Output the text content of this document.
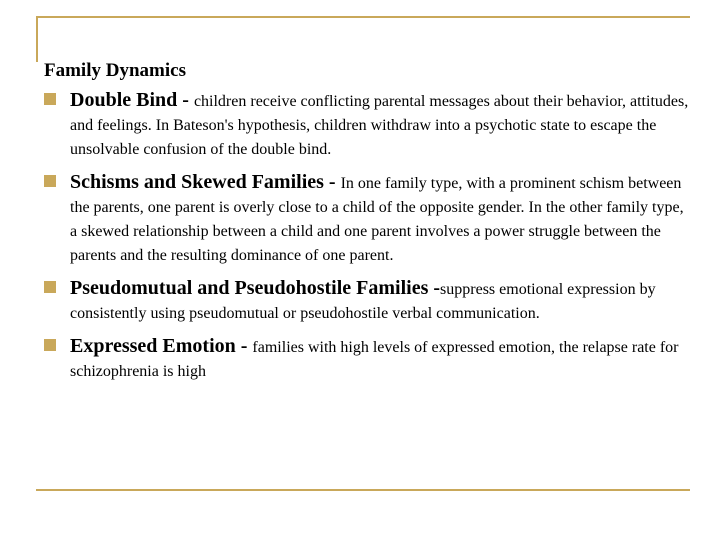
Family Dynamics
Double Bind - children receive conflicting parental messages about their behavior, attitudes, and feelings. In Bateson's hypothesis, children withdraw into a psychotic state to escape the unsolvable confusion of the double bind.
Schisms and Skewed Families - In one family type, with a prominent schism between the parents, one parent is overly close to a child of the opposite gender. In the other family type, a skewed relationship between a child and one parent involves a power struggle between the parents and the resulting dominance of one parent.
Pseudomutual and Pseudohostile Families -suppress emotional expression by consistently using pseudomutual or pseudohostile verbal communication.
Expressed Emotion - families with high levels of expressed emotion, the relapse rate for schizophrenia is high
